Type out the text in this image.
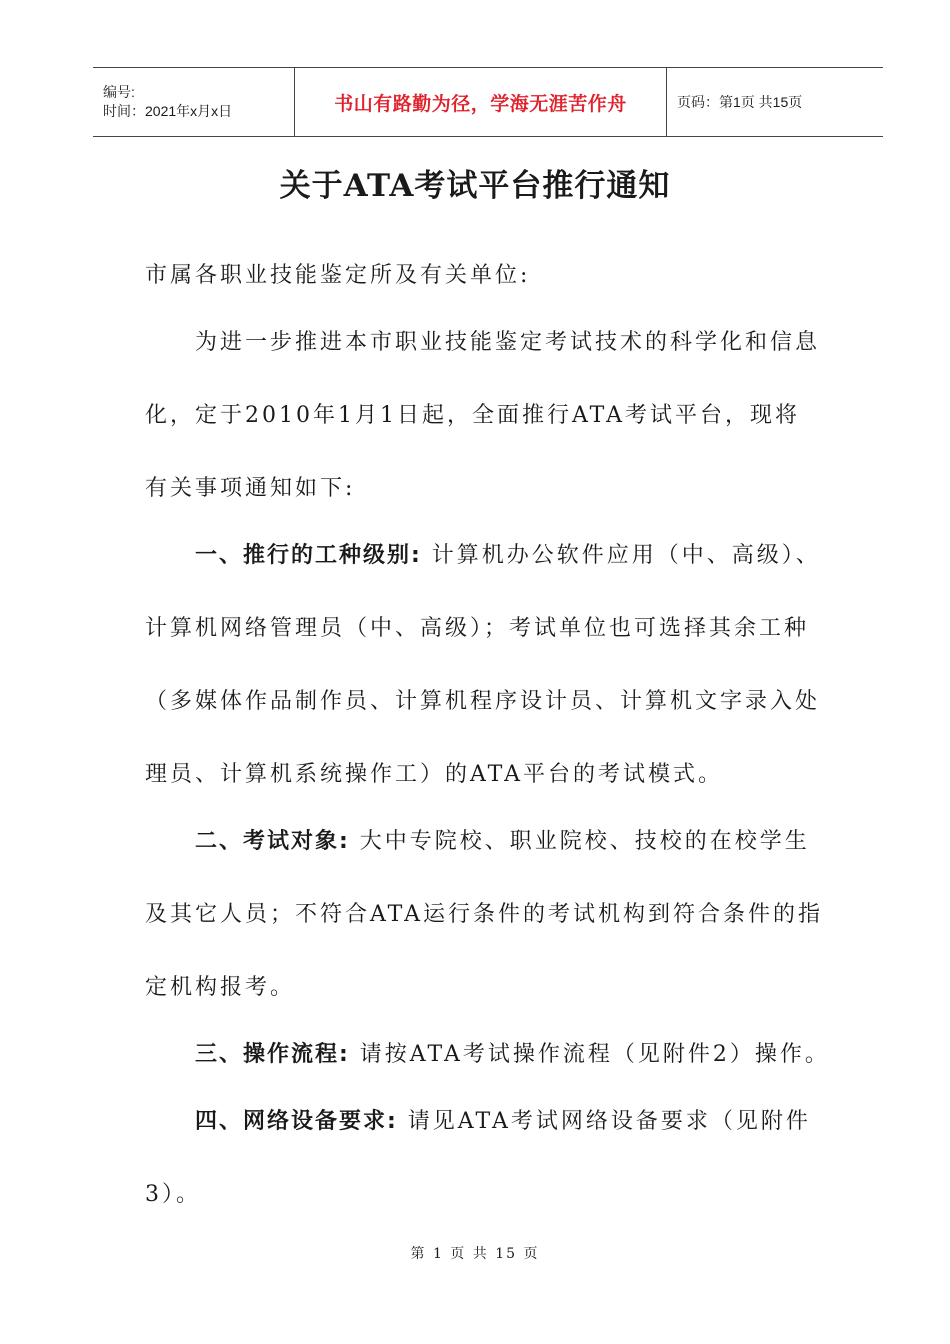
编号:
时间：2021年x月x日	书山有路勤为径，学海无涯苦作舟	页码：第1页 共15页
关于ATA考试平台推行通知
市属各职业技能鉴定所及有关单位:
为进一步推进本市职业技能鉴定考试技术的科学化和信息
化，定于2010年1月1日起，全面推行ATA考试平台，现将
有关事项通知如下:
一、推行的工种级别: 计算机办公软件应用（中、高级）、
计算机网络管理员（中、高级）；考试单位也可选择其余工种
（多媒体作品制作员、计算机程序设计员、计算机文字录入处
理员、计算机系统操作工）的ATA平台的考试模式。
二、考试对象: 大中专院校、职业院校、技校的在校学生
及其它人员；不符合ATA运行条件的考试机构到符合条件的指
定机构报考。
三、操作流程: 请按ATA考试操作流程（见附件2）操作。
四、网络设备要求: 请见ATA考试网络设备要求（见附件
3）。
第 1 页 共 15 页
